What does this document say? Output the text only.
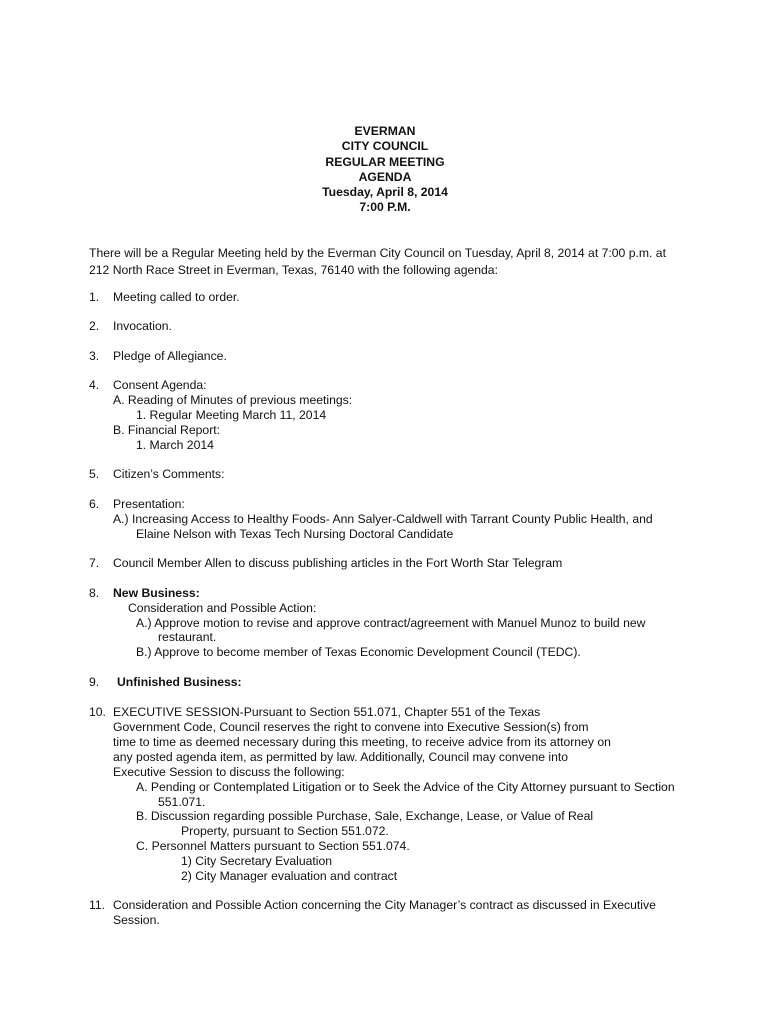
EVERMAN
CITY COUNCIL
REGULAR MEETING
AGENDA
Tuesday, April 8, 2014
7:00 P.M.
There will be a Regular Meeting held by the Everman City Council on Tuesday, April 8, 2014 at 7:00 p.m. at
212 North Race Street in Everman, Texas, 76140 with the following agenda:
1. Meeting called to order.
2. Invocation.
3. Pledge of Allegiance.
4. Consent Agenda:
A. Reading of Minutes of previous meetings:
1. Regular Meeting March 11, 2014
B. Financial Report:
1. March 2014
5. Citizen’s Comments:
6. Presentation:
A.) Increasing Access to Healthy Foods- Ann Salyer-Caldwell with Tarrant County Public Health, and
Elaine Nelson with Texas Tech Nursing Doctoral Candidate
7. Council Member Allen to discuss publishing articles in the Fort Worth Star Telegram
8. New Business:
Consideration and Possible Action:
A.) Approve motion to revise and approve contract/agreement with Manuel Munoz to build new
restaurant.
B.) Approve to become member of Texas Economic Development Council (TEDC).
9. Unfinished Business:
10. EXECUTIVE SESSION-Pursuant to Section 551.071, Chapter 551 of the Texas
Government Code, Council reserves the right to convene into Executive Session(s) from
time to time as deemed necessary during this meeting, to receive advice from its attorney on
any posted agenda item, as permitted by law. Additionally, Council may convene into
Executive Session to discuss the following:
A. Pending or Contemplated Litigation or to Seek the Advice of the City Attorney pursuant to Section
551.071.
B. Discussion regarding possible Purchase, Sale, Exchange, Lease, or Value of Real
Property, pursuant to Section 551.072.
C. Personnel Matters pursuant to Section 551.074.
1) City Secretary Evaluation
2) City Manager evaluation and contract
11. Consideration and Possible Action concerning the City Manager’s contract as discussed in Executive
Session.
